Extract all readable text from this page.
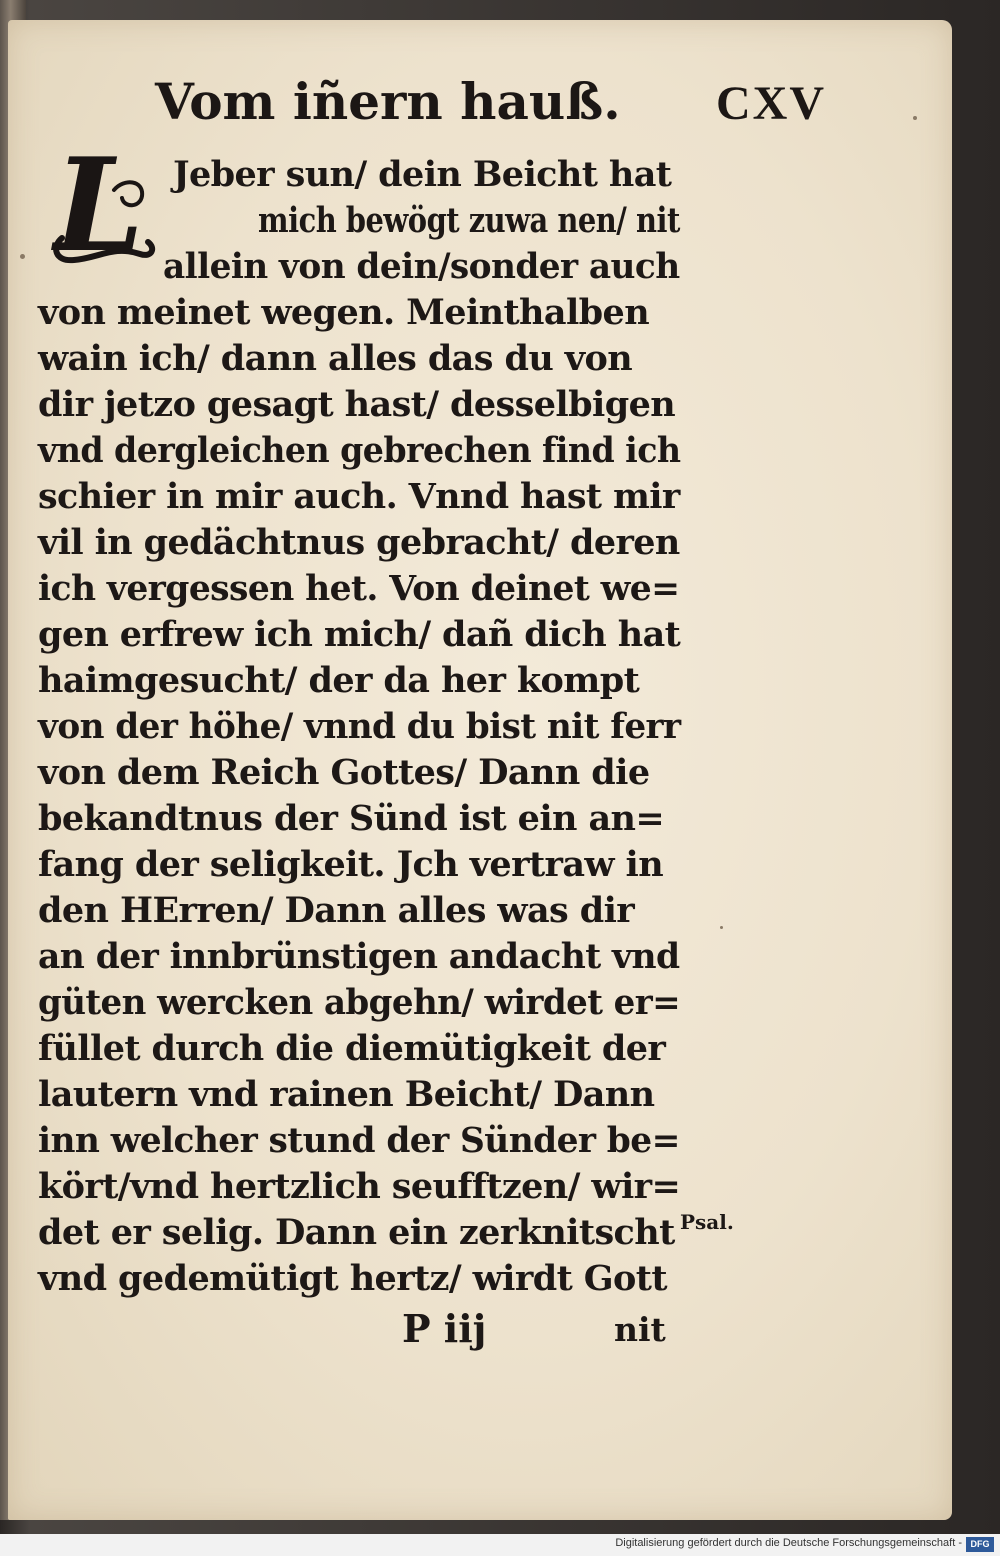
Vom iñern hauß. CXV
L Jeber sun/ dein Beicht hat
mich bewögt zuwa nen/ nit
allein von dein/sonder auch
von meinet wegen. Meinthalben
wain ich/ dann alles das du von
dir jetzo gesagt hast/ desselbigen
vnd dergleichen gebrechen find ich
schier in mir auch. Vnnd hast mir
vil in gedächtnus gebracht/ deren
ich vergessen het. Von deinet we=
gen erfrew ich mich/ dañ dich hat
haimgesucht/ der da her kompt
von der höhe/ vnnd du bist nit ferr
von dem Reich Gottes/ Dann die
bekandtnus der Sünd ist ein an=
fang der seligkeit. Jch vertraw in
den HErren/ Dann alles was dir
an der innbrünstigen andacht vnd
güten wercken abgehn/ wirdet er=
füllet durch die diemütigkeit der
lautern vnd rainen Beicht/ Dann
inn welcher stund der Sünder be=
kört/vnd hertzlich seufftzen/ wir=
det er selig. Dann ein zerknitscht
vnd gedemütigt hertz/ wirdt Gott
Psal.
P iij	nit
Digitalisierung gefördert durch die Deutsche Forschungsgemeinschaft - DFG
